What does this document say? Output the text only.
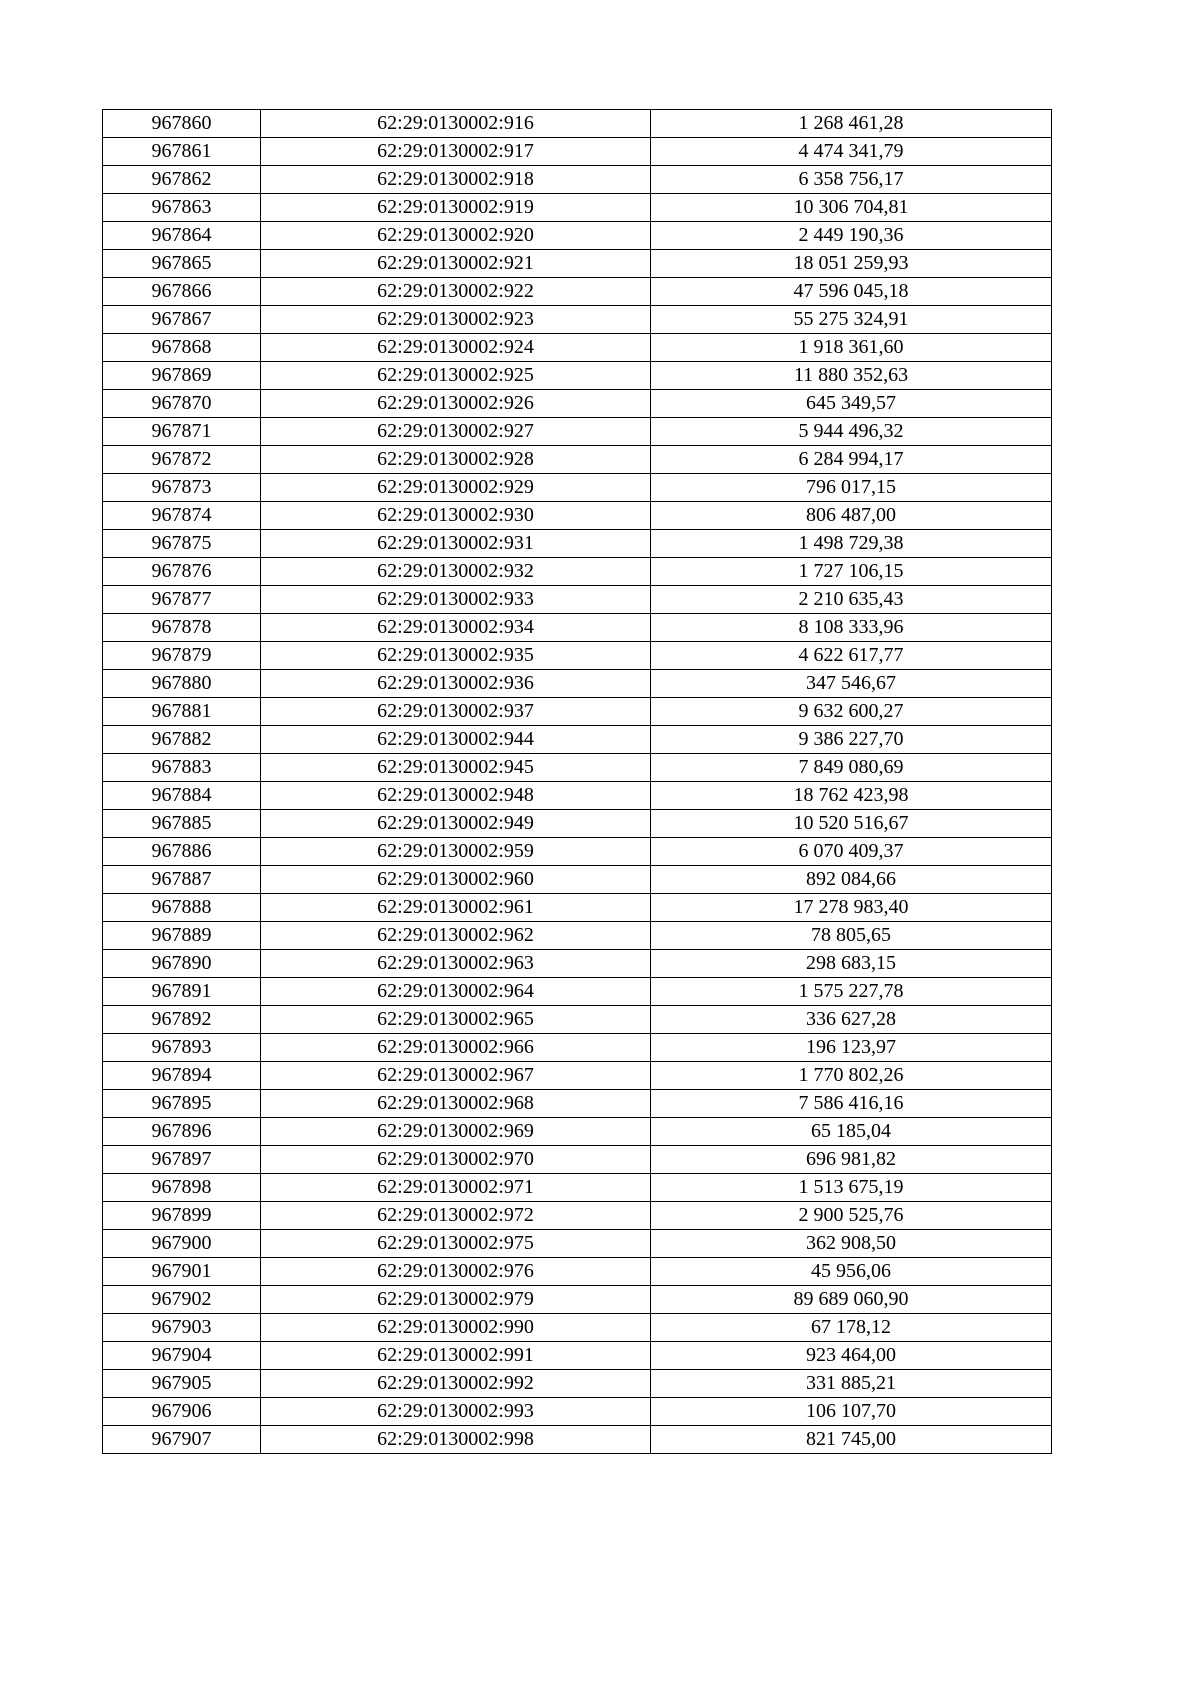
967860	62:29:0130002:916	1 268 461,28
967861	62:29:0130002:917	4 474 341,79
967862	62:29:0130002:918	6 358 756,17
967863	62:29:0130002:919	10 306 704,81
967864	62:29:0130002:920	2 449 190,36
967865	62:29:0130002:921	18 051 259,93
967866	62:29:0130002:922	47 596 045,18
967867	62:29:0130002:923	55 275 324,91
967868	62:29:0130002:924	1 918 361,60
967869	62:29:0130002:925	11 880 352,63
967870	62:29:0130002:926	645 349,57
967871	62:29:0130002:927	5 944 496,32
967872	62:29:0130002:928	6 284 994,17
967873	62:29:0130002:929	796 017,15
967874	62:29:0130002:930	806 487,00
967875	62:29:0130002:931	1 498 729,38
967876	62:29:0130002:932	1 727 106,15
967877	62:29:0130002:933	2 210 635,43
967878	62:29:0130002:934	8 108 333,96
967879	62:29:0130002:935	4 622 617,77
967880	62:29:0130002:936	347 546,67
967881	62:29:0130002:937	9 632 600,27
967882	62:29:0130002:944	9 386 227,70
967883	62:29:0130002:945	7 849 080,69
967884	62:29:0130002:948	18 762 423,98
967885	62:29:0130002:949	10 520 516,67
967886	62:29:0130002:959	6 070 409,37
967887	62:29:0130002:960	892 084,66
967888	62:29:0130002:961	17 278 983,40
967889	62:29:0130002:962	78 805,65
967890	62:29:0130002:963	298 683,15
967891	62:29:0130002:964	1 575 227,78
967892	62:29:0130002:965	336 627,28
967893	62:29:0130002:966	196 123,97
967894	62:29:0130002:967	1 770 802,26
967895	62:29:0130002:968	7 586 416,16
967896	62:29:0130002:969	65 185,04
967897	62:29:0130002:970	696 981,82
967898	62:29:0130002:971	1 513 675,19
967899	62:29:0130002:972	2 900 525,76
967900	62:29:0130002:975	362 908,50
967901	62:29:0130002:976	45 956,06
967902	62:29:0130002:979	89 689 060,90
967903	62:29:0130002:990	67 178,12
967904	62:29:0130002:991	923 464,00
967905	62:29:0130002:992	331 885,21
967906	62:29:0130002:993	106 107,70
967907	62:29:0130002:998	821 745,00
